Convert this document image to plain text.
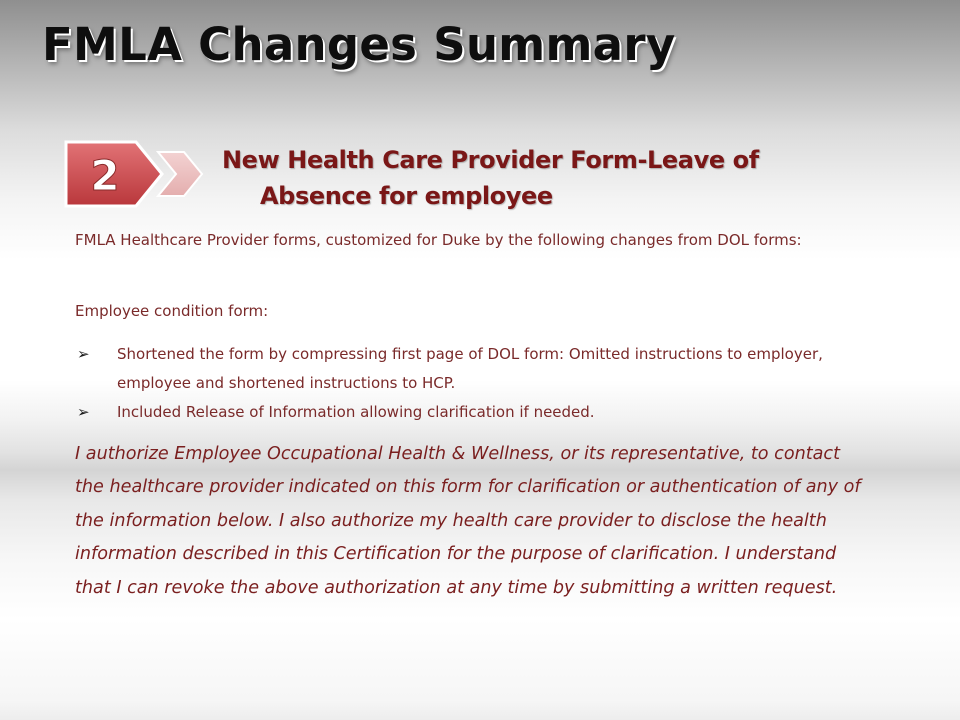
FMLA Changes Summary
2	New Health Care Provider Form-Leave of
Absence for employee

FMLA Healthcare Provider forms, customized for Duke by the following changes from DOL forms:

Employee condition form:

➢ Shortened the form by compressing first page of DOL form: Omitted instructions to employer, employee and shortened instructions to HCP.
➢ Included Release of Information allowing clarification if needed.

I authorize Employee Occupational Health & Wellness, or its representative, to contact the healthcare provider indicated on this form for clarification or authentication of any of the information below. I also authorize my health care provider to disclose the health information described in this Certification for the purpose of clarification. I understand that I can revoke the above authorization at any time by submitting a written request.
